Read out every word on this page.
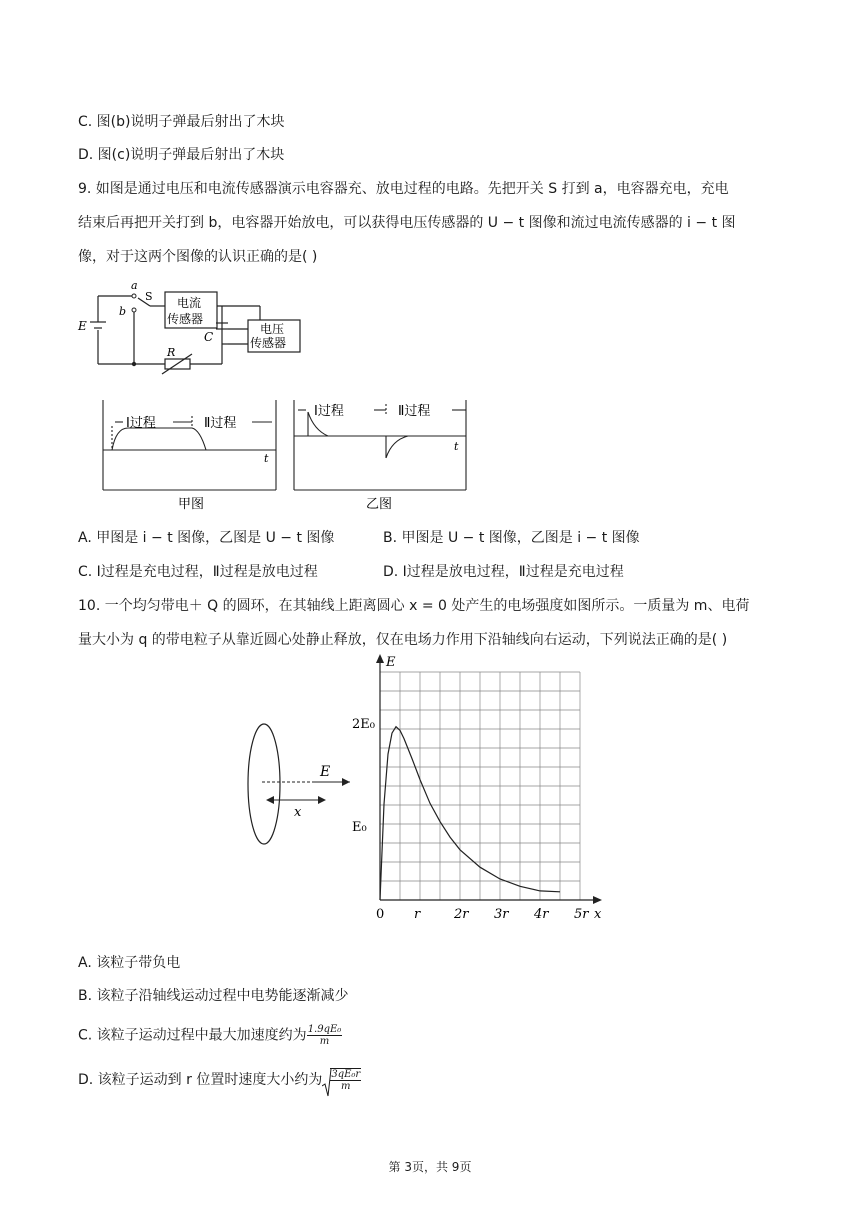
C. 图(b)说明子弹最后射出了木块
D. 图(c)说明子弹最后射出了木块
9. 如图是通过电压和电流传感器演示电容器充、放电过程的电路。先把开关 S 打到 a，电容器充电，充电
结束后再把开关打到 b，电容器开始放电，可以获得电压传感器的 U − t 图像和流过电流传感器的 i − t 图
像，对于这两个图像的认识正确的是( )
a
b
S
E
C
R
电流
传感器
电压
传感器
Ⅰ过程	Ⅱ过程
t
甲图
Ⅰ过程	Ⅱ过程
t
乙图
A. 甲图是 i − t 图像，乙图是 U − t 图像	B. 甲图是 U − t 图像，乙图是 i − t 图像
C. Ⅰ过程是充电过程，Ⅱ过程是放电过程	D. Ⅰ过程是放电过程，Ⅱ过程是充电过程
10. 一个均匀带电＋ Q 的圆环，在其轴线上距离圆心 x = 0 处产生的电场强度如图所示。一质量为 m、电荷
量大小为 q 的带电粒子从靠近圆心处静止释放，仅在电场力作用下沿轴线向右运动，下列说法正确的是( )
E
x
0 r	2r 3r 4r 5r
E₀
2E₀
x
E
A. 该粒子带负电
B. 该粒子沿轴线运动过程中电势能逐渐减少
C. 该粒子运动过程中最大加速度约为 $\frac{\text{1.9qE₀}}{m}$
D. 该粒子运动到 r 位置时速度大小约为 $\frac{\text{3qE₀r}}{m}$
第 3页，共 9页
